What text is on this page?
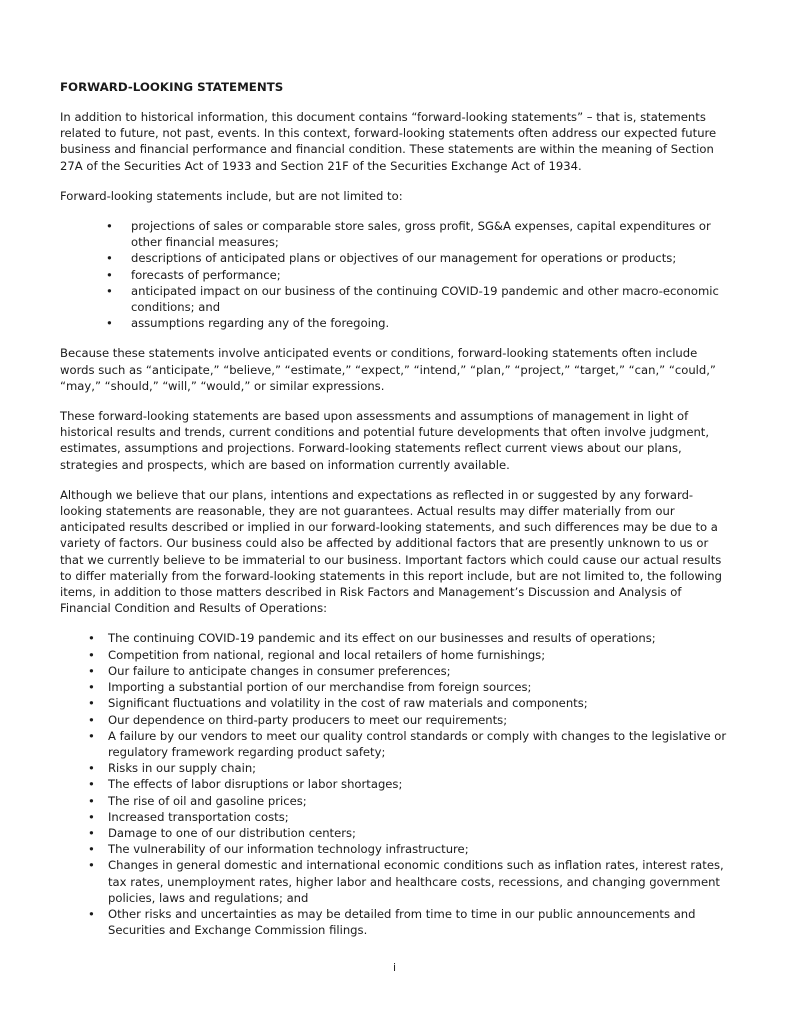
FORWARD-LOOKING STATEMENTS

In addition to historical information, this document contains “forward-looking statements” – that is, statements related to future, not past, events. In this context, forward-looking statements often address our expected future business and financial performance and financial condition. These statements are within the meaning of Section 27A of the Securities Act of 1933 and Section 21F of the Securities Exchange Act of 1934.

Forward-looking statements include, but are not limited to:

• projections of sales or comparable store sales, gross profit, SG&A expenses, capital expenditures or other financial measures;
• descriptions of anticipated plans or objectives of our management for operations or products;
• forecasts of performance;
• anticipated impact on our business of the continuing COVID-19 pandemic and other macro-economic conditions; and
• assumptions regarding any of the foregoing.

Because these statements involve anticipated events or conditions, forward-looking statements often include words such as “anticipate,” “believe,” “estimate,” “expect,” “intend,” “plan,” “project,” “target,” “can,” “could,” “may,” “should,” “will,” “would,” or similar expressions.

These forward-looking statements are based upon assessments and assumptions of management in light of historical results and trends, current conditions and potential future developments that often involve judgment, estimates, assumptions and projections. Forward-looking statements reflect current views about our plans, strategies and prospects, which are based on information currently available.

Although we believe that our plans, intentions and expectations as reflected in or suggested by any forward-looking statements are reasonable, they are not guarantees. Actual results may differ materially from our anticipated results described or implied in our forward-looking statements, and such differences may be due to a variety of factors. Our business could also be affected by additional factors that are presently unknown to us or that we currently believe to be immaterial to our business. Important factors which could cause our actual results to differ materially from the forward-looking statements in this report include, but are not limited to, the following items, in addition to those matters described in Risk Factors and Management’s Discussion and Analysis of Financial Condition and Results of Operations:

• The continuing COVID-19 pandemic and its effect on our businesses and results of operations;
• Competition from national, regional and local retailers of home furnishings;
• Our failure to anticipate changes in consumer preferences;
• Importing a substantial portion of our merchandise from foreign sources;
• Significant fluctuations and volatility in the cost of raw materials and components;
• Our dependence on third-party producers to meet our requirements;
• A failure by our vendors to meet our quality control standards or comply with changes to the legislative or regulatory framework regarding product safety;
• Risks in our supply chain;
• The effects of labor disruptions or labor shortages;
• The rise of oil and gasoline prices;
• Increased transportation costs;
• Damage to one of our distribution centers;
• The vulnerability of our information technology infrastructure;
• Changes in general domestic and international economic conditions such as inflation rates, interest rates, tax rates, unemployment rates, higher labor and healthcare costs, recessions, and changing government policies, laws and regulations; and
• Other risks and uncertainties as may be detailed from time to time in our public announcements and Securities and Exchange Commission filings.
i
